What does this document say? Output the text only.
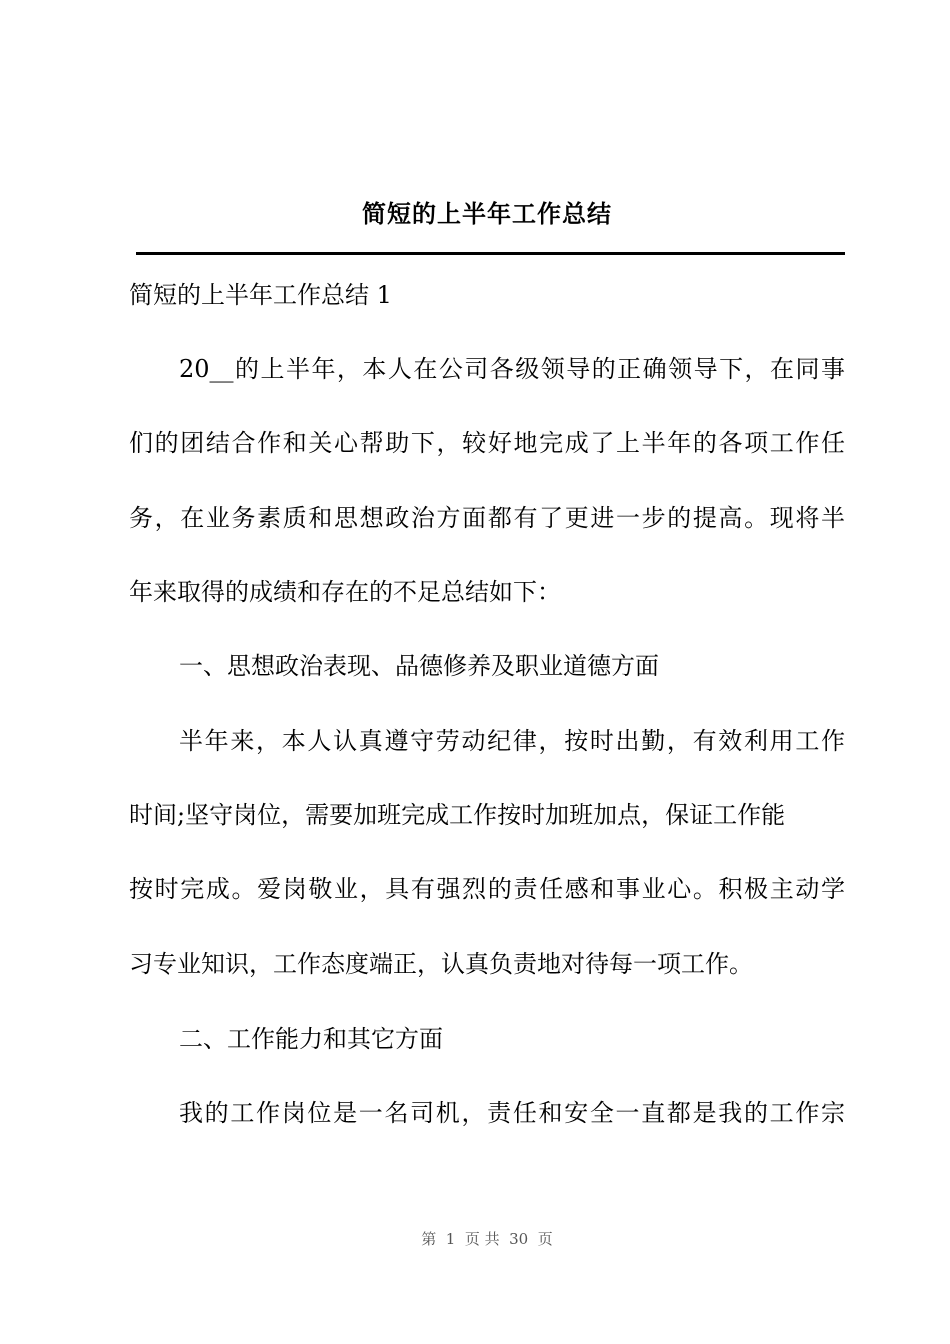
简短的上半年工作总结
简短的上半年工作总结 1
20__的上半年，本人在公司各级领导的正确领导下，在同事
们的团结合作和关心帮助下，较好地完成了上半年的各项工作任
务，在业务素质和思想政治方面都有了更进一步的提高。现将半
年来取得的成绩和存在的不足总结如下：
一、思想政治表现、品德修养及职业道德方面
半年来，本人认真遵守劳动纪律，按时出勤，有效利用工作
时间;坚守岗位，需要加班完成工作按时加班加点，保证工作能
按时完成。爱岗敬业，具有强烈的责任感和事业心。积极主动学
习专业知识，工作态度端正，认真负责地对待每一项工作。
二、工作能力和其它方面
我的工作岗位是一名司机，责任和安全一直都是我的工作宗
第  1  页 共  30  页
